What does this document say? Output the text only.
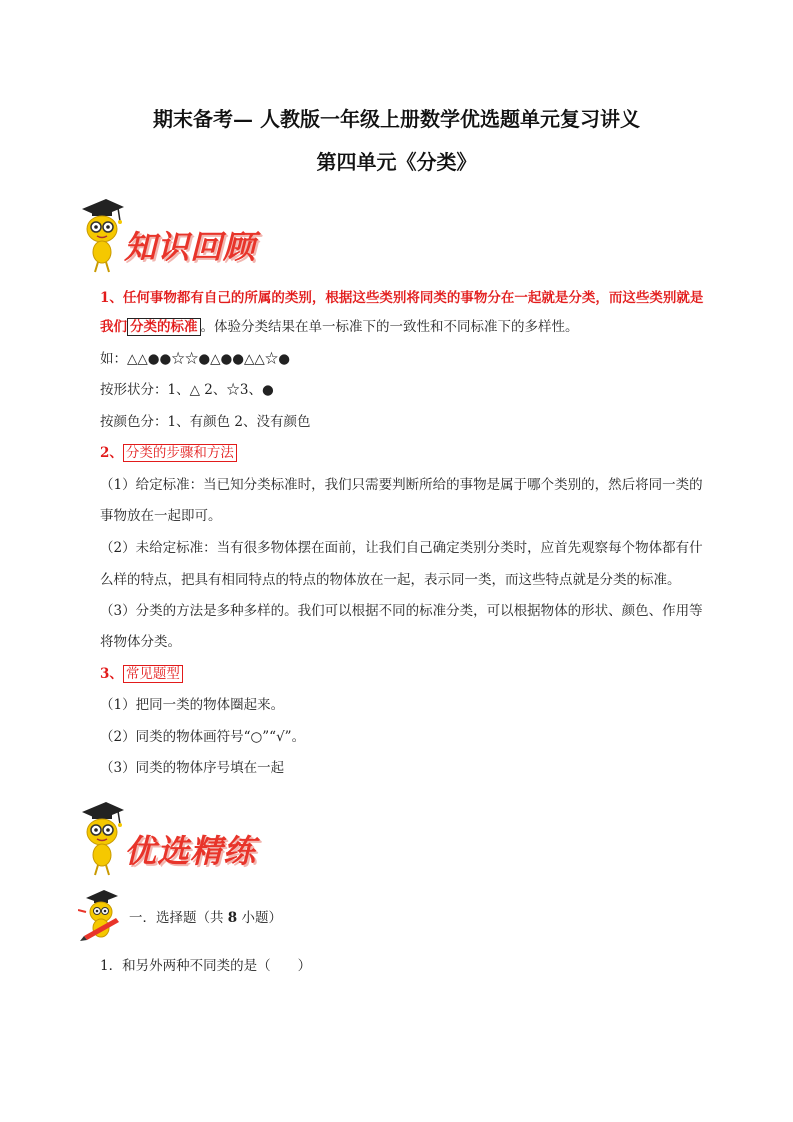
期末备考— 人教版一年级上册数学优选题单元复习讲义
第四单元《分类》
知识回顾
1、任何事物都有自己的所属的类别，根据这些类别将同类的事物分在一起就是分类，而这些类别就是
我们 分类的标准 。体验分类结果在单一标准下的一致性和不同标准下的多样性。
如：△△●●☆☆●△●●△△☆●
按形状分：1、△ 2、☆3、●
按颜色分：1、有颜色 2、没有颜色
2、 分类的步骤和方法
（1）给定标准：当已知分类标准时，我们只需要判断所给的事物是属于哪个类别的，然后将同一类的
事物放在一起即可。
（2）未给定标准：当有很多物体摆在面前，让我们自己确定类别分类时，应首先观察每个物体都有什
么样的特点，把具有相同特点的特点的物体放在一起，表示同一类，而这些特点就是分类的标准。
（3）分类的方法是多种多样的。我们可以根据不同的标准分类，可以根据物体的形状、颜色、作用等
将物体分类。
3、 常见题型
（1）把同一类的物体圈起来。
（2）同类的物体画符号“○”“√”。
（3）同类的物体序号填在一起
优选精练
一．选择题（共 8 小题）
1．和另外两种不同类的是（　　）
